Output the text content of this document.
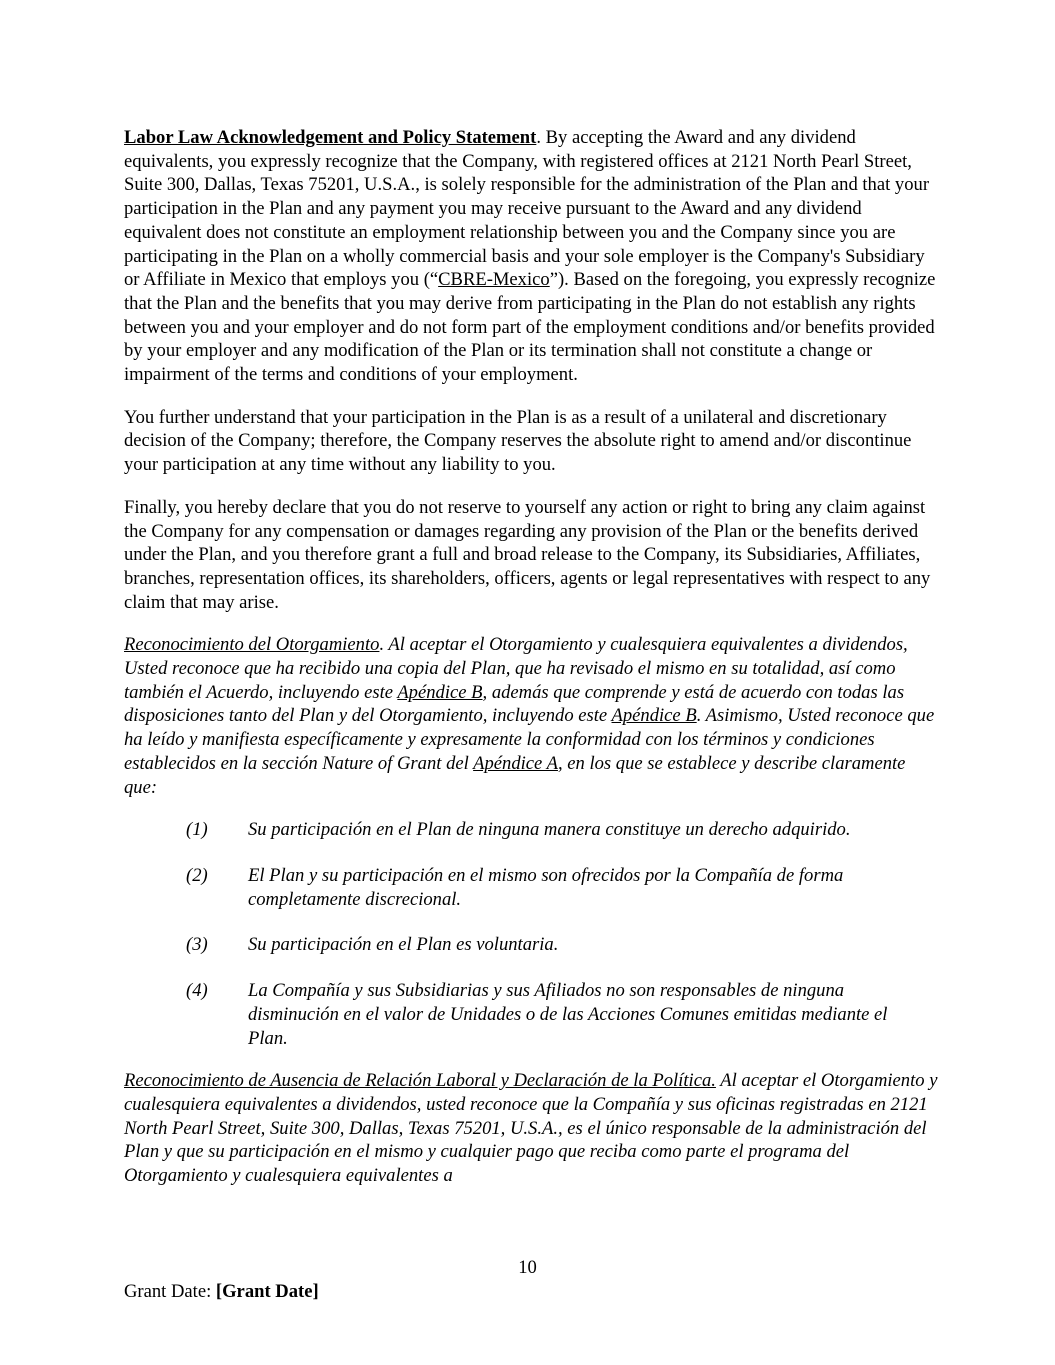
Labor Law Acknowledgement and Policy Statement. By accepting the Award and any dividend equivalents, you expressly recognize that the Company, with registered offices at 2121 North Pearl Street, Suite 300, Dallas, Texas 75201, U.S.A., is solely responsible for the administration of the Plan and that your participation in the Plan and any payment you may receive pursuant to the Award and any dividend equivalent does not constitute an employment relationship between you and the Company since you are participating in the Plan on a wholly commercial basis and your sole employer is the Company's Subsidiary or Affiliate in Mexico that employs you (“CBRE-Mexico”). Based on the foregoing, you expressly recognize that the Plan and the benefits that you may derive from participating in the Plan do not establish any rights between you and your employer and do not form part of the employment conditions and/or benefits provided by your employer and any modification of the Plan or its termination shall not constitute a change or impairment of the terms and conditions of your employment.

You further understand that your participation in the Plan is as a result of a unilateral and discretionary decision of the Company; therefore, the Company reserves the absolute right to amend and/or discontinue your participation at any time without any liability to you.

Finally, you hereby declare that you do not reserve to yourself any action or right to bring any claim against the Company for any compensation or damages regarding any provision of the Plan or the benefits derived under the Plan, and you therefore grant a full and broad release to the Company, its Subsidiaries, Affiliates, branches, representation offices, its shareholders, officers, agents or legal representatives with respect to any claim that may arise.

Reconocimiento del Otorgamiento. Al aceptar el Otorgamiento y cualesquiera equivalentes a dividendos, Usted reconoce que ha recibido una copia del Plan, que ha revisado el mismo en su totalidad, así como también el Acuerdo, incluyendo este Apéndice B, además que comprende y está de acuerdo con todas las disposiciones tanto del Plan y del Otorgamiento, incluyendo este Apéndice B. Asimismo, Usted reconoce que ha leído y manifiesta específicamente y expresamente la conformidad con los términos y condiciones establecidos en la sección Nature of Grant del Apéndice A, en los que se establece y describe claramente que:

(1)	Su participación en el Plan de ninguna manera constituye un derecho adquirido.
(2)	El Plan y su participación en el mismo son ofrecidos por la Compañía de forma completamente discrecional.
(3)	Su participación en el Plan es voluntaria.
(4)	La Compañía y sus Subsidiarias y sus Afiliados no son responsables de ninguna disminución en el valor de Unidades o de las Acciones Comunes emitidas mediante el Plan.

Reconocimiento de Ausencia de Relación Laboral y Declaración de la Política. Al aceptar el Otorgamiento y cualesquiera equivalentes a dividendos, usted reconoce que la Compañía y sus oficinas registradas en 2121 North Pearl Street, Suite 300, Dallas, Texas 75201, U.S.A., es el único responsable de la administración del Plan y que su participación en el mismo y cualquier pago que reciba como parte el programa del Otorgamiento y cualesquiera equivalentes a

10
Grant Date: [Grant Date]
